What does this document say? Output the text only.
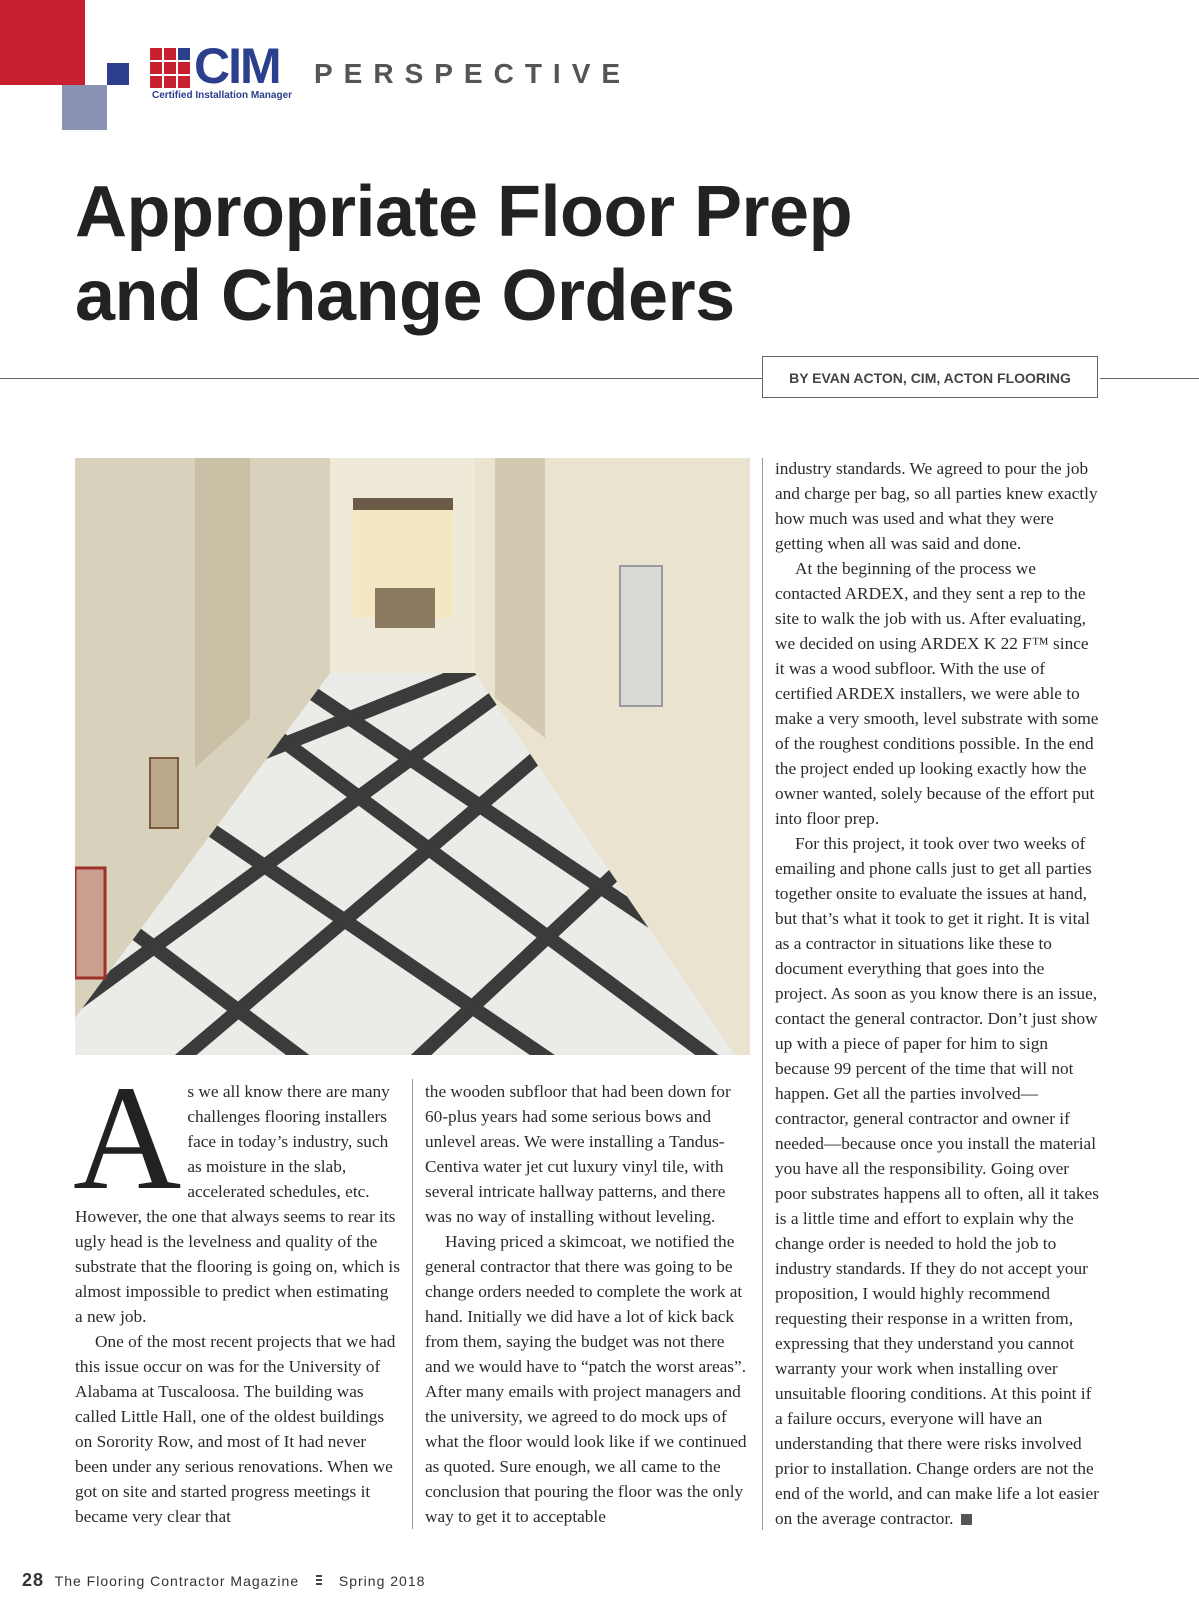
CIM
Certified Installation Manager
PERSPECTIVE
Appropriate Floor Prep
and Change Orders
BY EVAN ACTON, CIM, ACTON FLOORING
A s we all know there are many challenges flooring installers face in today’s industry, such as moisture in the slab, accelerated schedules, etc. However, the one that always seems to rear its ugly head is the levelness and quality of the substrate that the flooring is going on, which is almost impossible to predict when estimating a new job.

One of the most recent projects that we had this issue occur on was for the University of Alabama at Tuscaloosa. The building was called Little Hall, one of the oldest buildings on Sorority Row, and most of It had never been under any serious renovations. When we got on site and started progress meetings it became very clear that

the wooden subfloor that had been down for 60-plus years had some serious bows and unlevel areas. We were installing a Tandus-Centiva water jet cut luxury vinyl tile, with several intricate hallway patterns, and there was no way of installing without leveling.

Having priced a skimcoat, we notified the general contractor that there was going to be change orders needed to complete the work at hand. Initially we did have a lot of kick back from them, saying the budget was not there and we would have to “patch the worst areas”. After many emails with project managers and the university, we agreed to do mock ups of what the floor would look like if we continued as quoted. Sure enough, we all came to the conclusion that pouring the floor was the only way to get it to acceptable

industry standards. We agreed to pour the job and charge per bag, so all parties knew exactly how much was used and what they were getting when all was said and done.

At the beginning of the process we contacted ARDEX, and they sent a rep to the site to walk the job with us. After evaluating, we decided on using ARDEX K 22 F™ since it was a wood subfloor. With the use of certified ARDEX installers, we were able to make a very smooth, level substrate with some of the roughest conditions possible. In the end the project ended up looking exactly how the owner wanted, solely because of the effort put into floor prep.

For this project, it took over two weeks of emailing and phone calls just to get all parties together onsite to evaluate the issues at hand, but that’s what it took to get it right. It is vital as a contractor in situations like these to document everything that goes into the project. As soon as you know there is an issue, contact the general contractor. Don’t just show up with a piece of paper for him to sign because 99 percent of the time that will not happen. Get all the parties involved—contractor, general contractor and owner if needed—because once you install the material you have all the responsibility. Going over poor substrates happens all to often, all it takes is a little time and effort to explain why the change order is needed to hold the job to industry standards. If they do not accept your proposition, I would highly recommend requesting their response in a written from, expressing that they understand you cannot warranty your work when installing over unsuitable flooring conditions. At this point if a failure occurs, everyone will have an understanding that there were risks involved prior to installation. Change orders are not the end of the world, and can make life a lot easier on the average contractor.

28 The Flooring Contractor Magazine	Spring 2018
